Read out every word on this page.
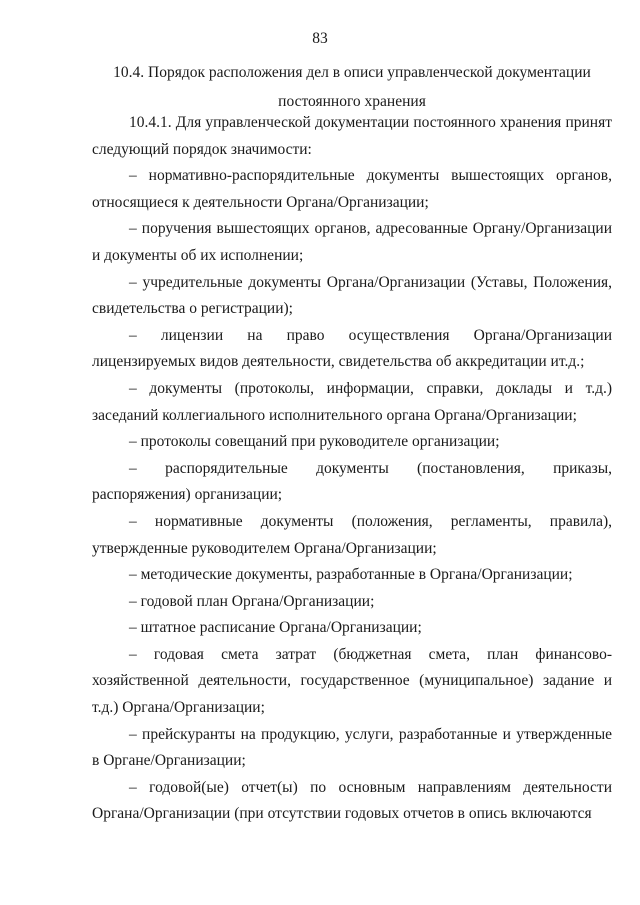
83
10.4. Порядок расположения дел в описи управленческой документации
постоянного хранения

10.4.1. Для управленческой документации постоянного хранения принят следующий порядок значимости:

– нормативно-распорядительные документы вышестоящих органов, относящиеся к деятельности Органа/Организации;

– поручения вышестоящих органов, адресованные Органу/Организации и документы об их исполнении;

– учредительные документы Органа/Организации (Уставы, Положения, свидетельства о регистрации);

– лицензии на право осуществления Органа/Организации лицензируемых видов деятельности, свидетельства об аккредитации ит.д.;

– документы (протоколы, информации, справки, доклады и т.д.) заседаний коллегиального исполнительного органа Органа/Организации;

– протоколы совещаний при руководителе организации;

– распорядительные документы (постановления, приказы, распоряжения) организации;

– нормативные документы (положения, регламенты, правила), утвержденные руководителем Органа/Организации;

– методические документы, разработанные в Органа/Организации;

– годовой план Органа/Организации;

– штатное расписание Органа/Организации;

– годовая смета затрат (бюджетная смета, план финансово-хозяйственной деятельности, государственное (муниципальное) задание и т.д.) Органа/Организации;

– прейскуранты на продукцию, услуги, разработанные и утвержденные в Органе/Организации;

– годовой(ые) отчет(ы) по основным направлениям деятельности Органа/Организации (при отсутствии годовых отчетов в опись включаются
